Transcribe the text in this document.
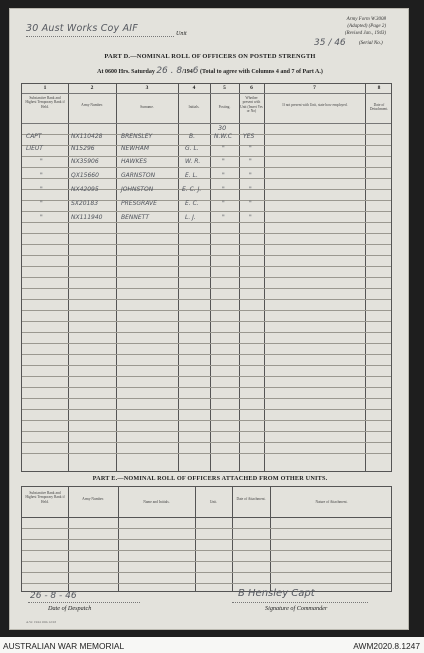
30 Aust Works Coy AIF	Unit
Army Form W.3008
(Adapted) (Page 2)
(Revised Jan., 1943)
35 / 46	(Serial No.)
PART D.—NOMINAL ROLL OF OFFICERS ON POSTED STRENGTH
At 0600 Hrs. Saturday 26 . 8/1946 (Total to agree with Columns 4 and 7 of Part A.)
1	2	3	4	5	6	7	8
Substantive Rank and Highest Temporary Rank if Held.	Army Number.	Surname.	Initials.	Posting.
Whether present with Unit (Insert Yes or No)
If not present with Unit, state how employed.	Date of Detachment.
30
CAPT	NX110428	BRENSLEY	B.	N.W.C YES
LIEUT	N15296	NEWHAM	G. L.	"	"
"	NX35906	HAWKES	W. R.	"	"
"	QX15660	GARNSTON	E. L.	"	"
"	NX42095	JOHNSTON	E. C. J.	"	"
"	SX20183	PRESGRAVE	E. C.	"	"
"	NX111940	BENNETT	L. J.	"	"
PART E.—NOMINAL ROLL OF OFFICERS ATTACHED FROM OTHER UNITS.
Substantive Rank and Highest Temporary Rank if Held.
Army Number.
Name and Initials.	Unit.
Date of Attachment.
Nature of Attachment.
26 - 8 - 46
Date of Despatch
B Hensley Capt
Signature of Commander
A.W. 1944 16m 12/43
AUSTRALIAN WAR MEMORIAL	AWM2020.8.1247
